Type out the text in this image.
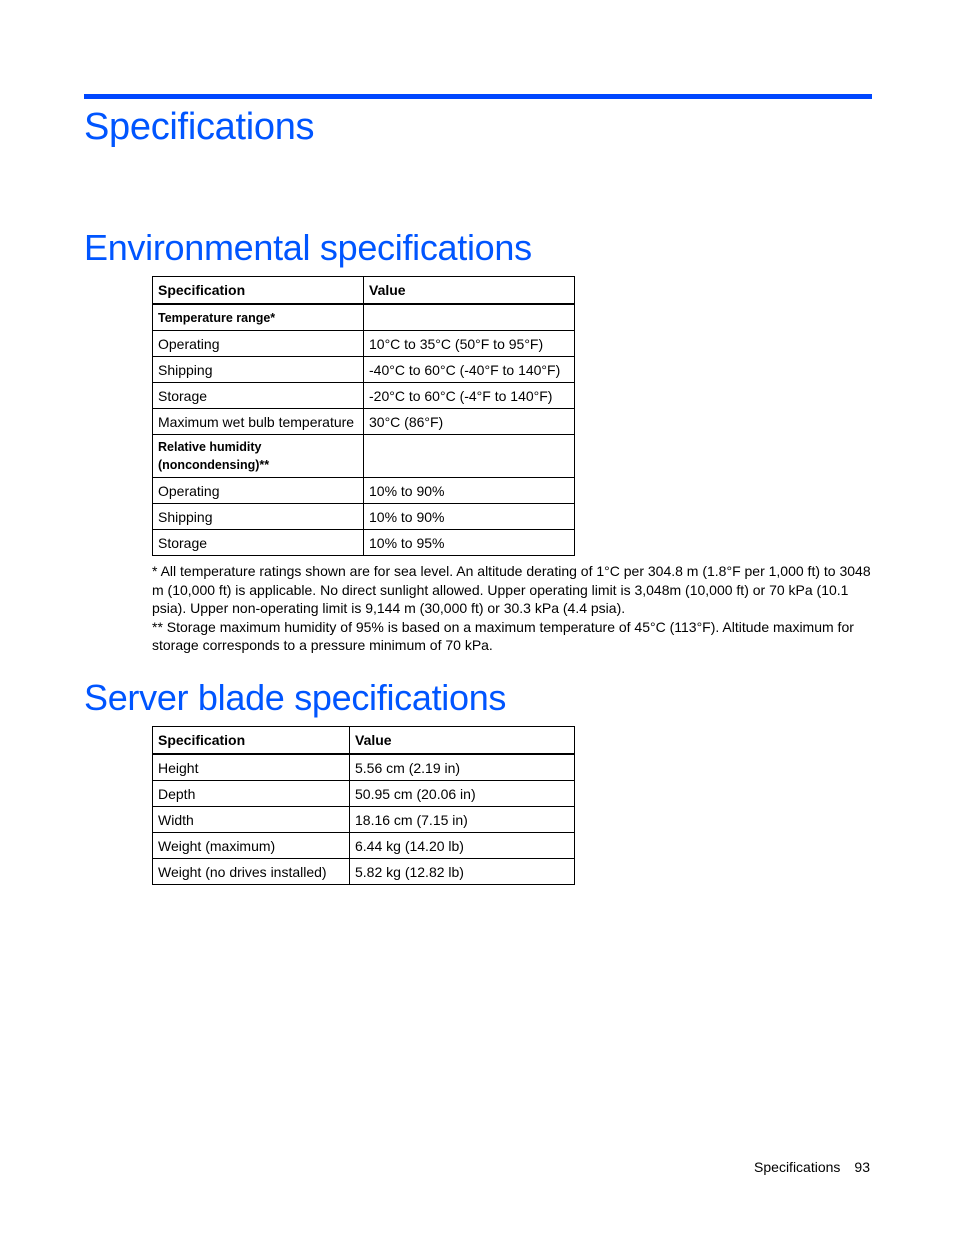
Specifications
Environmental specifications
Specification	Value
Temperature range*	
Operating	10°C to 35°C (50°F to 95°F)
Shipping	-40°C to 60°C (-40°F to 140°F)
Storage	-20°C to 60°C (-4°F to 140°F)
Maximum wet bulb temperature	30°C (86°F)
Relative humidity (noncondensing)**	
Operating	10% to 90%
Shipping	10% to 90%
Storage	10% to 95%

* All temperature ratings shown are for sea level. An altitude derating of 1°C per 304.8 m (1.8°F per 1,000 ft) to 3048 m (10,000 ft) is applicable. No direct sunlight allowed. Upper operating limit is 3,048m (10,000 ft) or 70 kPa (10.1 psia). Upper non-operating limit is 9,144 m (30,000 ft) or 30.3 kPa (4.4 psia).

** Storage maximum humidity of 95% is based on a maximum temperature of 45°C (113°F). Altitude maximum for storage corresponds to a pressure minimum of 70 kPa.

Server blade specifications
Specification	Value
Height	5.56 cm (2.19 in)
Depth	50.95 cm (20.06 in)
Width	18.16 cm (7.15 in)
Weight (maximum)	6.44 kg (14.20 lb)
Weight (no drives installed)	5.82 kg (12.82 lb)
Specifications 93
